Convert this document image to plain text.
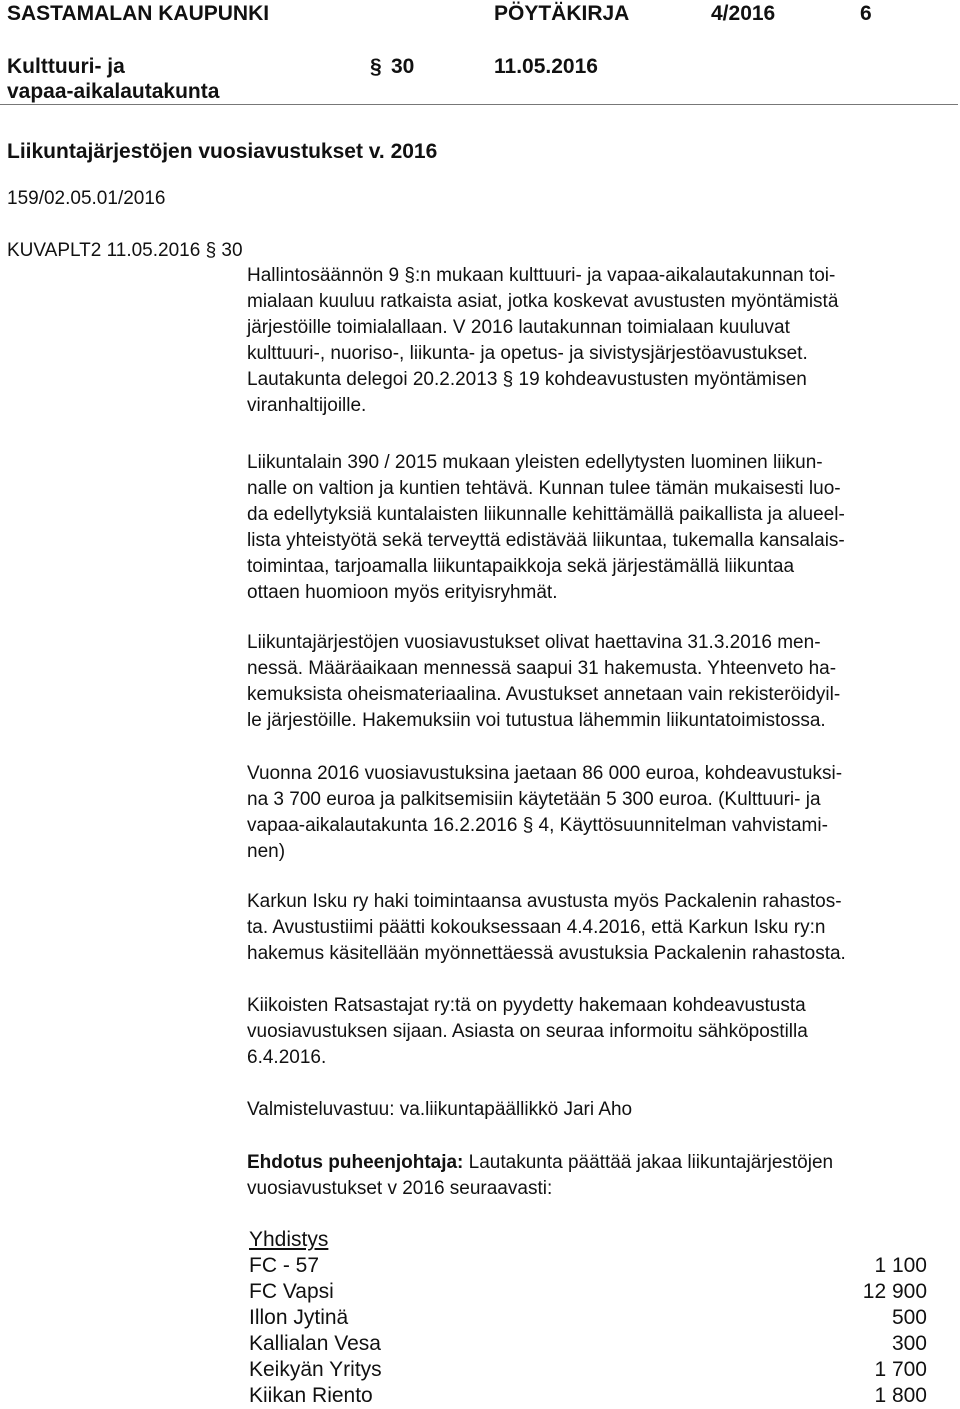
SASTAMALAN KAUPUNKI	PÖYTÄKIRJA	4/2016	6
Kulttuuri- ja
vapaa-aikalautakunta
§ 30	11.05.2016
Liikuntajärjestöjen vuosiavustukset v. 2016
159/02.05.01/2016
KUVAPLT2 11.05.2016 § 30
Hallintosäännön 9 §:n mukaan kulttuuri- ja vapaa-aikalautakunnan toi-
mialaan kuuluu ratkaista asiat, jotka koskevat avustusten myöntämistä
järjestöille toimialallaan. V 2016 lautakunnan toimialaan kuuluvat
kulttuuri-, nuoriso-, liikunta- ja opetus- ja sivistysjärjestöavustukset.
Lautakunta delegoi 20.2.2013 § 19 kohdeavustusten myöntämisen
viranhaltijoille.
Liikuntalain 390 / 2015 mukaan yleisten edellytysten luominen liikun-
nalle on valtion ja kuntien tehtävä. Kunnan tulee tämän mukaisesti luo-
da edellytyksiä kuntalaisten liikunnalle kehittämällä paikallista ja alueel-
lista yhteistyötä sekä terveyttä edistävää liikuntaa, tukemalla kansalais-
toimintaa, tarjoamalla liikuntapaikkoja sekä järjestämällä liikuntaa
ottaen huomioon myös erityisryhmät.
Liikuntajärjestöjen vuosiavustukset olivat haettavina 31.3.2016 men-
nessä. Määräaikaan mennessä saapui 31 hakemusta. Yhteenveto ha-
kemuksista oheismateriaalina. Avustukset annetaan vain rekisteröidyil-
le järjestöille. Hakemuksiin voi tutustua lähemmin liikuntatoimistossa.
Vuonna 2016 vuosiavustuksina jaetaan 86 000 euroa, kohdeavustuksi-
na 3 700 euroa ja palkitsemisiin käytetään 5 300 euroa. (Kulttuuri- ja
vapaa-aikalautakunta 16.2.2016 § 4, Käyttösuunnitelman vahvistami-
nen)
Karkun Isku ry haki toimintaansa avustusta myös Packalenin rahastos-
ta. Avustustiimi päätti kokouksessaan 4.4.2016, että Karkun Isku ry:n
hakemus käsitellään myönnettäessä avustuksia Packalenin rahastosta.
Kiikoisten Ratsastajat ry:tä on pyydetty hakemaan kohdeavustusta
vuosiavustuksen sijaan. Asiasta on seuraa informoitu sähköpostilla
6.4.2016.
Valmisteluvastuu: va.liikuntapäällikkö Jari Aho
Ehdotus puheenjohtaja: Lautakunta päättää jakaa liikuntajärjestöjen
vuosiavustukset v 2016 seuraavasti:
Yhdistys
FC - 57	1 100
FC Vapsi	12 900
Illon Jytinä	500
Kallialan Vesa	300
Keikyän Yritys	1 700
Kiikan Riento	1 800
